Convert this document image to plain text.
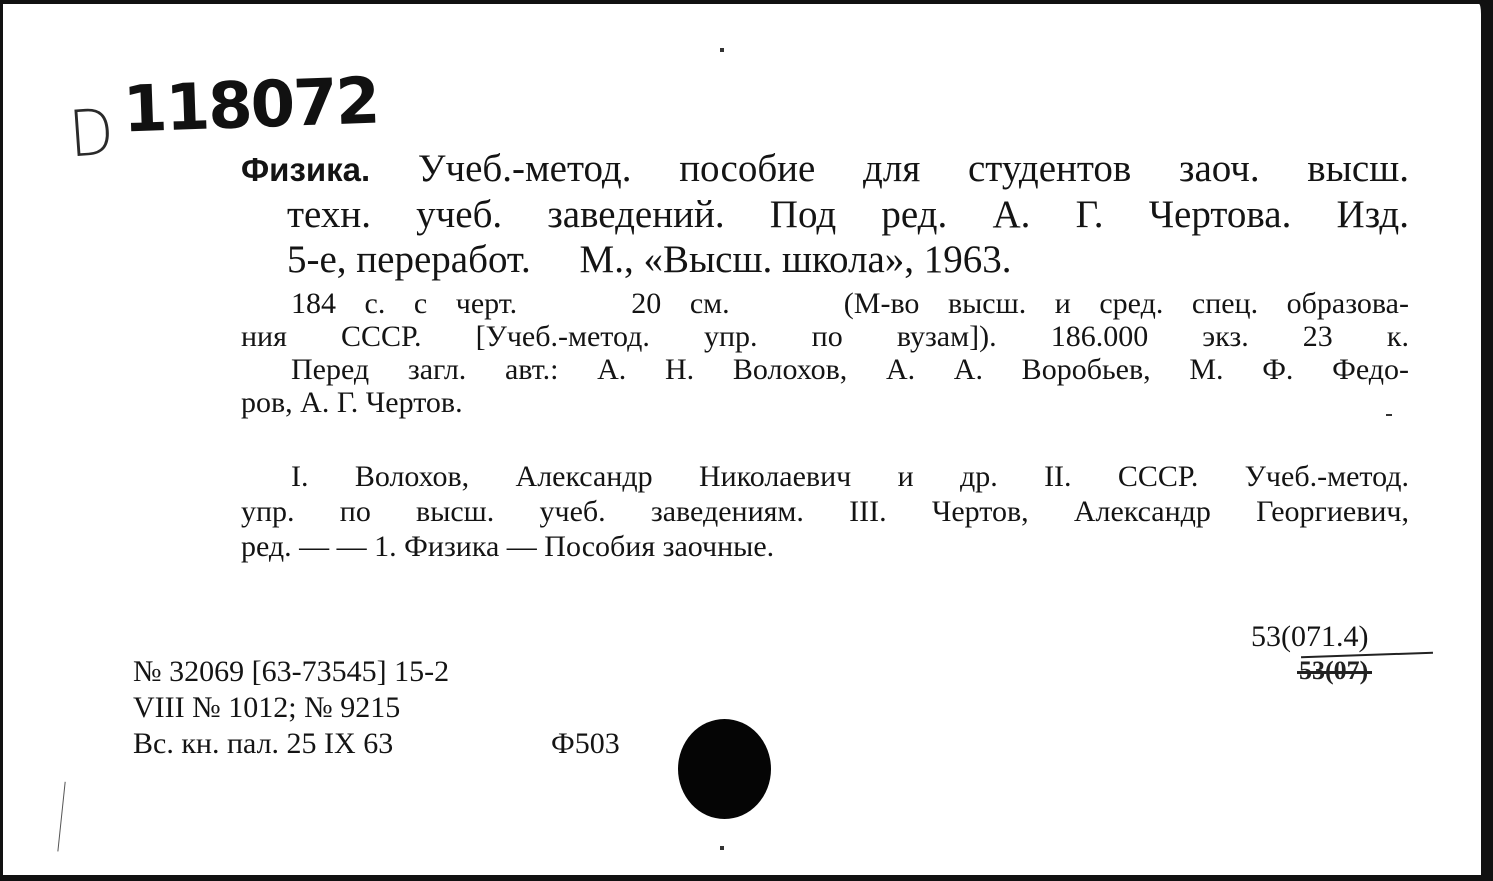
D 118072
Физика. Учеб.-метод. пособие для студентов заоч. высш.
техн. учеб. заведений. Под ред. А. Г. Чертова. Изд.
5-е, переработ.     М., «Высш. школа», 1963.
184 с. с черт.    20 см.    (М-во высш. и сред. спец. образова-
ния СССР. [Учеб.-метод. упр. по вузам]). 186.000 экз. 23 к.
Перед загл. авт.: А. Н. Волохов, А. А. Воробьев, М. Ф. Федо-
ров, А. Г. Чертов.
I. Волохов, Александр Николаевич и др. II. СССР. Учеб.-метод.
упр. по высш. учеб. заведениям. III. Чертов, Александр Георгиевич,
ред. — — 1. Физика — Пособия заочные.
№ 32069 [63-73545] 15-2
VIII № 1012; № 9215
Вс. кн. пал. 25 IX 63	Ф503
53(071.4)
53(07)
